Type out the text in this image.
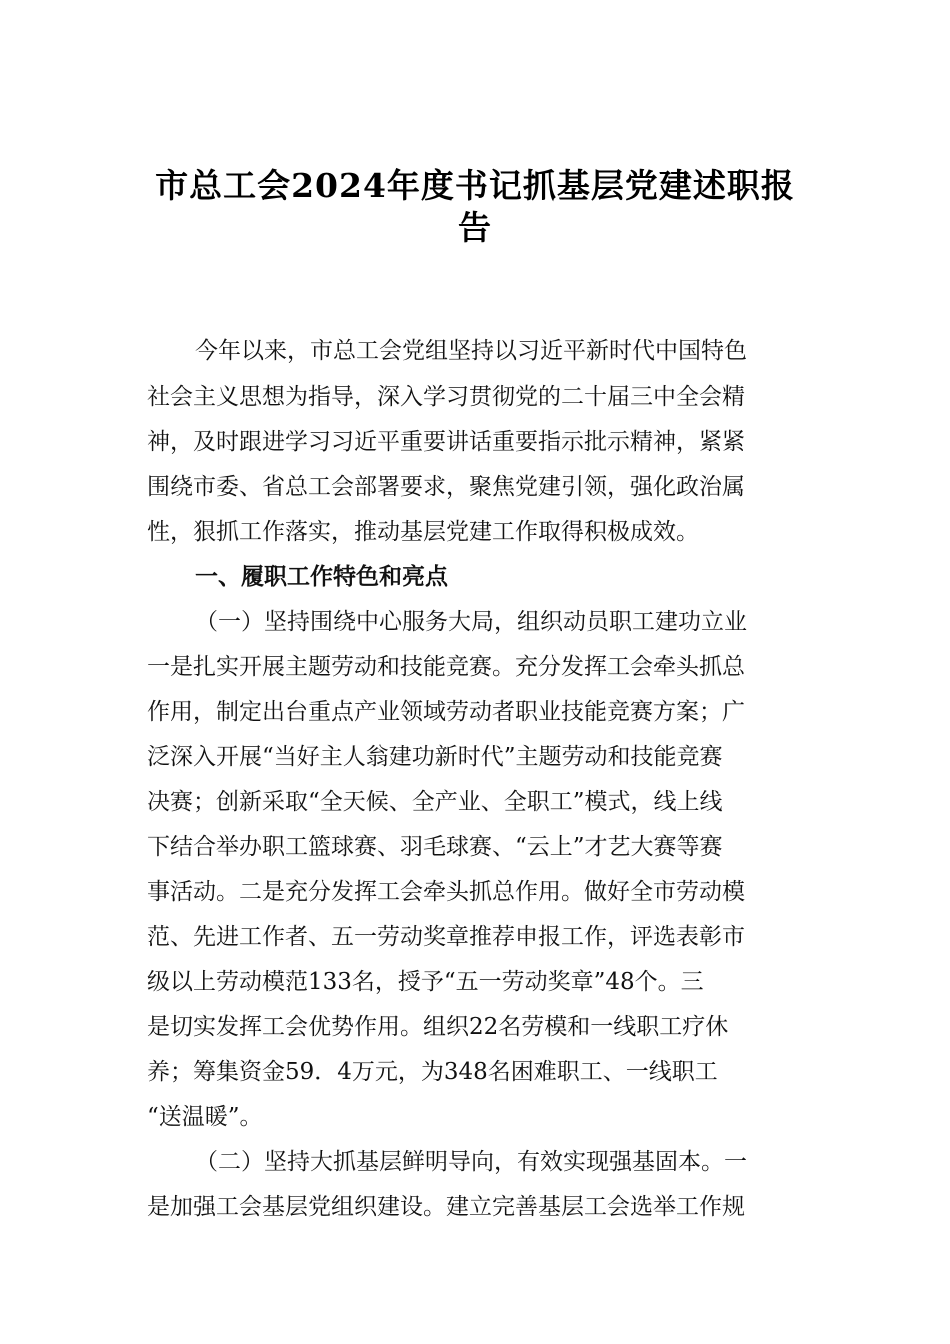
市总工会2024年度书记抓基层党建述职报
告

今年以来，市总工会党组坚持以习近平新时代中国特色

社会主义思想为指导，深入学习贯彻党的二十届三中全会精

神，及时跟进学习习近平重要讲话重要指示批示精神，紧紧

围绕市委、省总工会部署要求，聚焦党建引领，强化政治属

性，狠抓工作落实，推动基层党建工作取得积极成效。

一、履职工作特色和亮点

（一）坚持围绕中心服务大局，组织动员职工建功立业

一是扎实开展主题劳动和技能竞赛。充分发挥工会牵头抓总

作用，制定出台重点产业领域劳动者职业技能竞赛方案；广

泛深入开展“当好主人翁建功新时代”主题劳动和技能竞赛

决赛；创新采取“全天候、全产业、全职工”模式，线上线

下结合举办职工篮球赛、羽毛球赛、“云上”才艺大赛等赛

事活动。二是充分发挥工会牵头抓总作用。做好全市劳动模

范、先进工作者、五一劳动奖章推荐申报工作，评选表彰市

级以上劳动模范133名，授予“五一劳动奖章”48个。三

是切实发挥工会优势作用。组织22名劳模和一线职工疗休

养；筹集资金59．4万元，为348名困难职工、一线职工

“送温暖”。

（二）坚持大抓基层鲜明导向，有效实现强基固本。一

是加强工会基层党组织建设。建立完善基层工会选举工作规
